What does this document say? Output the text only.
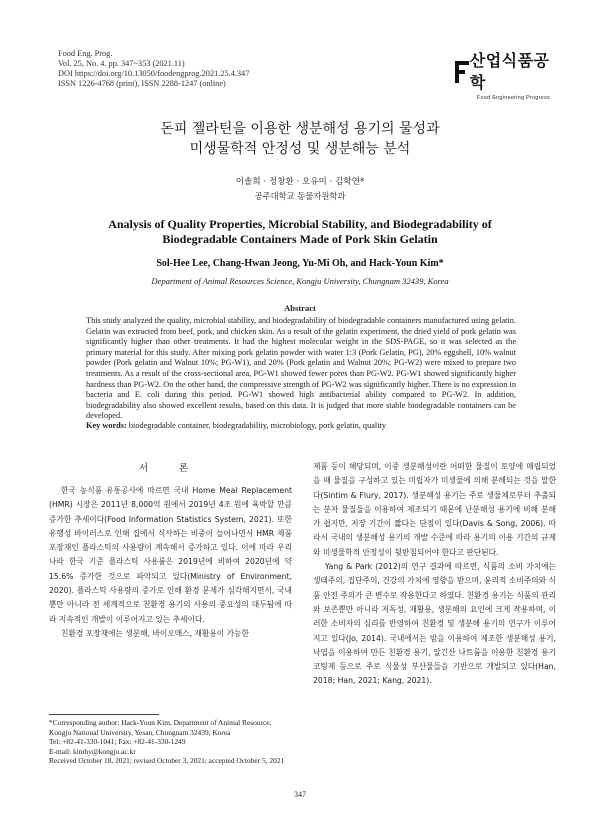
Food Eng. Prog.
Vol. 25, No. 4. pp. 347~353 (2021.11)
DOI https://doi.org/10.13050/foodengprog.2021.25.4.347
ISSN 1226-4768 (print), ISSN 2288-1247 (online)
산업식품공학
Food Engineering Progress
돈피 젤라틴을 이용한 생분해성 용기의 물성과
미생물학적 안정성 및 생분해능 분석
이솔희 · 정창환 · 오유미 · 김학연*
공주대학교 동물자원학과
Analysis of Quality Properties, Microbial Stability, and Biodegradability of
Biodegradable Containers Made of Pork Skin Gelatin
Sol-Hee Lee, Chang-Hwan Jeong, Yu-Mi Oh, and Hack-Youn Kim*
Department of Animal Resources Science, Kongju University, Chungnam 32439, Korea
Abstract
This study analyzed the quality, microbial stability, and biodegradability of biodegradable containers manufactured using gelatin. Gelatin was extracted from beef, pork, and chicken skin. As a result of the gelatin experiment, the dried yield of pork gelatin was significantly higher than other treatments. It had the highest molecular weight in the SDS-PAGE, so it was selected as the primary material for this study. After mixing pork gelatin powder with water 1:3 (Pork Gelatin, PG), 20% eggshell, 10% walnut powder (Pork gelatin and Walnut 10%; PG-W1), and 20% (Pork gelatin and Walnut 20%; PG-W2) were mixed to prepare two treatments. As a result of the cross-sectional area, PG-W1 showed fewer pores than PG-W2. PG-W1 showed significantly higher hardness than PG-W2. On the other hand, the compressive strength of PG-W2 was significantly higher. There is no expression in bacteria and E. coli during this period. PG-W1 showed high antibacterial ability compared to PG-W2. In addition, biodegradability also showed excellent results, based on this data. It is judged that more stable biodegradable containers can be developed.
Key words: biodegradable container, biodegradability, microbiology, pork gelatin, quality
서 론

한국 농식품 유통공사에 따르면 국내 Home Meal Replacement (HMR) 시장은 2011년 8,000억 원에서 2019년 4조 원에 육박할 만큼 증가한 추세이다(Food Information Statistics System, 2021). 또한 유행성 바이러스로 인해 집에서 식사하는 비중이 늘어나면서 HMR 제품 포장재인 플라스틱의 사용량이 계속해서 증가하고 있다. 이에 따라 우리나라 한국 기준 플라스틱 사용률은 2019년에 비하여 2020년에 약 15.6% 증가한 것으로 파악되고 있다(Ministry of Environment, 2020). 플라스틱 사용량의 증가로 인해 환경 문제가 심각해지면서, 국내 뿐만 아니라 전 세계적으로 친환경 용기의 사용의 중요성의 대두됨에 따라 지속적인 개발이 이루어지고 있는 추세이다.

친환경 포장재에는 생분해, 바이오매스, 재활용이 가능한

제품 등이 해당되며, 이중 생분해성이란 어떠한 물질이 토양에 매립되었을 때 물질을 구성하고 있는 미립자가 미생물에 의해 분해되는 것을 말한다(Sintim & Flury, 2017). 생분해성 용기는 주로 생물체로부터 추출되는 분자 물질들을 이용하여 제조되기 때문에 난분해성 용기에 비해 분해가 쉽지만, 저장 기간이 짧다는 단점이 있다(Davis & Song, 2006). 따라서 국내의 생분해성 용기의 개발 수준에 따라 용기의 이용 기간의 규제와 미생물학적 안정성이 뒷받침되어야 한다고 판단된다.

Yang & Park (2012)의 연구 결과에 따르면, 식품의 소비 가치에는 생태주의, 집단주의, 건강의 가치에 영향을 받으며, 윤리적 소비주의와 식품 안전 주의가 큰 변수로 작용한다고 하였다. 친환경 용기는 식품의 관리와 보존뿐만 아니라 저독성, 재활용, 생분해의 요인에 크게 작용하며, 이러한 소비자의 심리를 반영하여 친환경 및 생분해 용기의 연구가 이루어지고 있다(Jo, 2014). 국내에서는 밤을 이용하여 제조한 생분해성 용기, 낙엽을 이용하여 만든 친환경 용기, 알긴산 나트륨을 이용한 친환경 용기 코팅제 등으로 주로 식물성 부산물들을 기반으로 개발되고 있다(Han, 2018; Han, 2021; Kang, 2021).

*Corresponding author: Hack-Youn Kim, Department of Animal Resource, Kongju National University, Yesan, Chungnam 32439, Korea
Tel: +82-41-330-1041; Fax: +82-41-330-1249
E-mail: kimhy@kongju.ac.kr
Received October 18, 2021; revised October 3, 2021; accepted October 5, 2021
347
